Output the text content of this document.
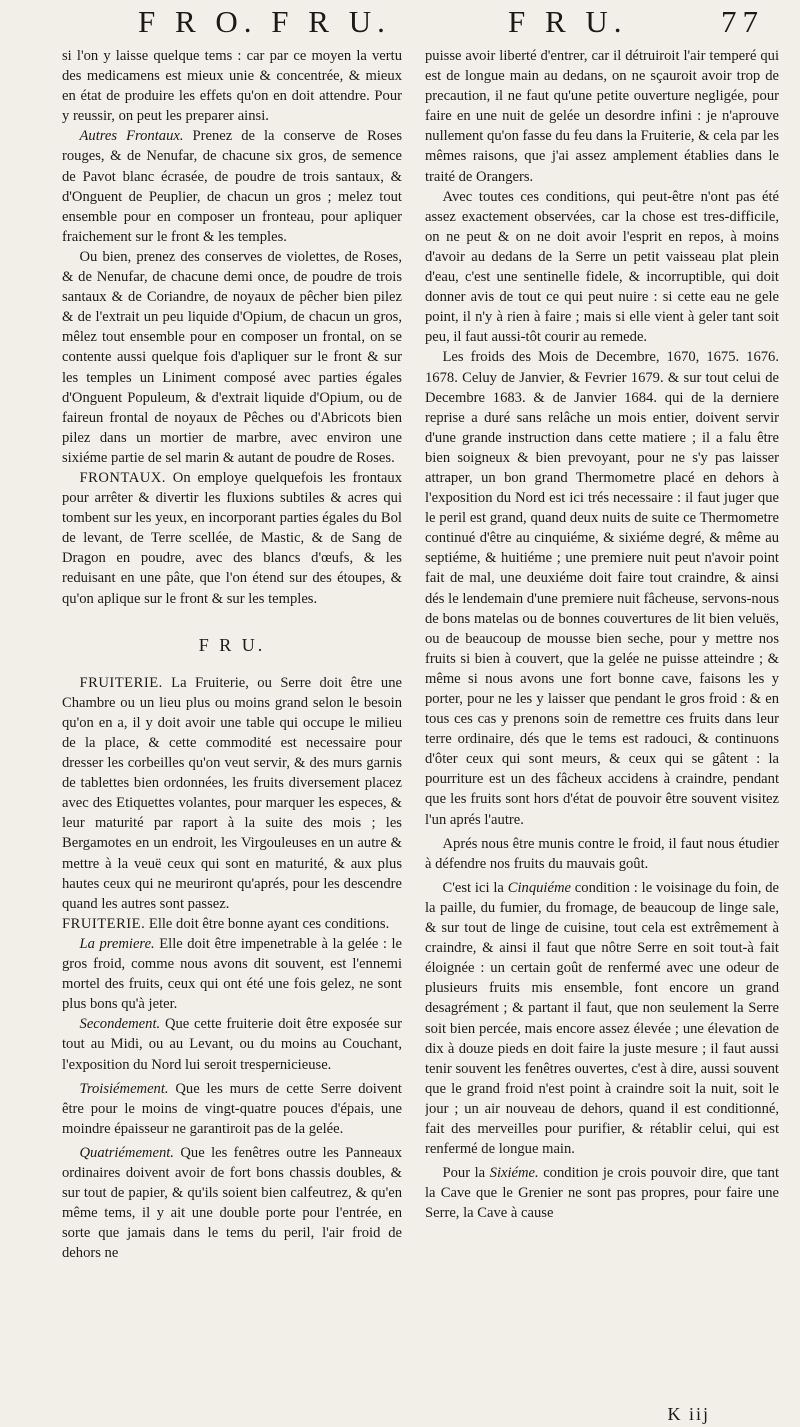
F R O. F R U.	F R U.	77

si l'on y laisse quelque tems : car par ce moyen la vertu des medicamens est mieux unie & concentrée, & mieux en état de produire les effets qu'on en doit attendre. Pour y reussir, on peut les preparer ainsi.

Autres Frontaux. Prenez de la conserve de Roses rouges, & de Nenufar, de chacune six gros, de semence de Pavot blanc écrasée, de poudre de trois santaux, & d'Onguent de Peuplier, de chacun un gros ; melez tout ensemble pour en composer un fronteau, pour apliquer fraichement sur le front & les temples.

Ou bien, prenez des conserves de violettes, de Roses, & de Nenufar, de chacune demi once, de poudre de trois santaux & de Coriandre, de noyaux de pêcher bien pilez & de l'extrait un peu liquide d'Opium, de chacun un gros, mêlez tout ensemble pour en composer un frontal, on se contente aussi quelque fois d'apliquer sur le front & sur les temples un Liniment composé avec parties égales d'Onguent Populeum, & d'extrait liquide d'Opium, ou de faireun frontal de noyaux de Pêches ou d'Abricots bien pilez dans un mortier de marbre, avec environ une sixiéme partie de sel marin & autant de poudre de Roses.

FRONTAUX. On employe quelquefois les frontaux pour arrêter & divertir les fluxions subtiles & acres qui tombent sur les yeux, en incorporant parties égales du Bol de levant, de Terre scellée, de Mastic, & de Sang de Dragon en poudre, avec des blancs d'œufs, & les reduisant en une pâte, que l'on étend sur des étoupes, & qu'on aplique sur le front & sur les temples.

F R U.

FRUITERIE. La Fruiterie, ou Serre doit être une Chambre ou un lieu plus ou moins grand selon le besoin qu'on en a, il y doit avoir une table qui occupe le milieu de la place, & cette commodité est necessaire pour dresser les corbeilles qu'on veut servir, & des murs garnis de tablettes bien ordonnées, les fruits diversement placez avec des Etiquettes volantes, pour marquer les especes, & leur maturité par raport à la suite des mois ; les Bergamotes en un endroit, les Virgouleuses en un autre & mettre à la veuë ceux qui sont en maturité, & aux plus hautes ceux qui ne meuriront qu'aprés, pour les descendre quand les autres sont passez.

FRUITERIE. Elle doit être bonne ayant ces conditions.

La premiere. Elle doit être impenetrable à la gelée : le gros froid, comme nous avons dit souvent, est l'ennemi mortel des fruits, ceux qui ont été une fois gelez, ne sont plus bons qu'à jeter.

Secondement. Que cette fruiterie doit être exposée sur tout au Midi, ou au Levant, ou du moins au Couchant, l'exposition du Nord lui seroit trespernicieuse.

Troisiémement. Que les murs de cette Serre doivent être pour le moins de vingt-quatre pouces d'épais, une moindre épaisseur ne garantiroit pas de la gelée.

Quatriémement. Que les fenêtres outre les Panneaux ordinaires doivent avoir de fort bons chassis doubles, & sur tout de papier, & qu'ils soient bien calfeutrez, & qu'en même tems, il y ait une double porte pour l'entrée, en sorte que jamais dans le tems du peril, l'air froid de dehors ne

puisse avoir liberté d'entrer, car il détruiroit l'air temperé qui est de longue main au dedans, on ne sçauroit avoir trop de precaution, il ne faut qu'une petite ouverture negligée, pour faire en une nuit de gelée un desordre infini : je n'aprouve nullement qu'on fasse du feu dans la Fruiterie, & cela par les mêmes raisons, que j'ai assez amplement établies dans le traité de Orangers.

Avec toutes ces conditions, qui peut-être n'ont pas été assez exactement observées, car la chose est tres-difficile, on ne peut & on ne doit avoir l'esprit en repos, à moins d'avoir au dedans de la Serre un petit vaisseau plat plein d'eau, c'est une sentinelle fidele, & incorruptible, qui doit donner avis de tout ce qui peut nuire : si cette eau ne gele point, il n'y à rien à faire ; mais si elle vient à geler tant soit peu, il faut aussi-tôt courir au remede.

Les froids des Mois de Decembre, 1670, 1675. 1676. 1678. Celuy de Janvier, & Fevrier 1679. & sur tout celui de Decembre 1683. & de Janvier 1684. qui de la derniere reprise a duré sans relâche un mois entier, doivent servir d'une grande instruction dans cette matiere ; il a falu être bien soigneux & bien prevoyant, pour ne s'y pas laisser attraper, un bon grand Thermometre placé en dehors à l'exposition du Nord est ici trés necessaire : il faut juger que le peril est grand, quand deux nuits de suite ce Thermometre continué d'être au cinquiéme, & sixiéme degré, & même au septiéme, & huitiéme ; une premiere nuit peut n'avoir point fait de mal, une deuxiéme doit faire tout craindre, & ainsi dés le lendemain d'une premiere nuit fâcheuse, servons-nous de bons matelas ou de bonnes couvertures de lit bien veluës, ou de beaucoup de mousse bien seche, pour y mettre nos fruits si bien à couvert, que la gelée ne puisse atteindre ; & même si nous avons une fort bonne cave, faisons les y porter, pour ne les y laisser que pendant le gros froid : & en tous ces cas y prenons soin de remettre ces fruits dans leur terre ordinaire, dés que le tems est radouci, & continuons d'ôter ceux qui sont meurs, & ceux qui se gâtent : la pourriture est un des fâcheux accidens à craindre, pendant que les fruits sont hors d'état de pouvoir être souvent visitez l'un aprés l'autre.

Aprés nous être munis contre le froid, il faut nous étudier à défendre nos fruits du mauvais goût.

C'est ici la Cinquiéme condition : le voisinage du foin, de la paille, du fumier, du fromage, de beaucoup de linge sale, & sur tout de linge de cuisine, tout cela est extrêmement à craindre, & ainsi il faut que nôtre Serre en soit tout-à fait éloignée : un certain goût de renfermé avec une odeur de plusieurs fruits mis ensemble, font encore un grand desagrément ; & partant il faut, que non seulement la Serre soit bien percée, mais encore assez élevée ; une élevation de dix à douze pieds en doit faire la juste mesure ; il faut aussi tenir souvent les fenêtres ouvertes, c'est à dire, aussi souvent que le grand froid n'est point à craindre soit la nuit, soit le jour ; un air nouveau de dehors, quand il est conditionné, fait des merveilles pour purifier, & rétablir celui, qui est renfermé de longue main.

Pour la Sixiéme. condition je crois pouvoir dire, que tant la Cave que le Grenier ne sont pas propres, pour faire une Serre, la Cave à cause

K iij
